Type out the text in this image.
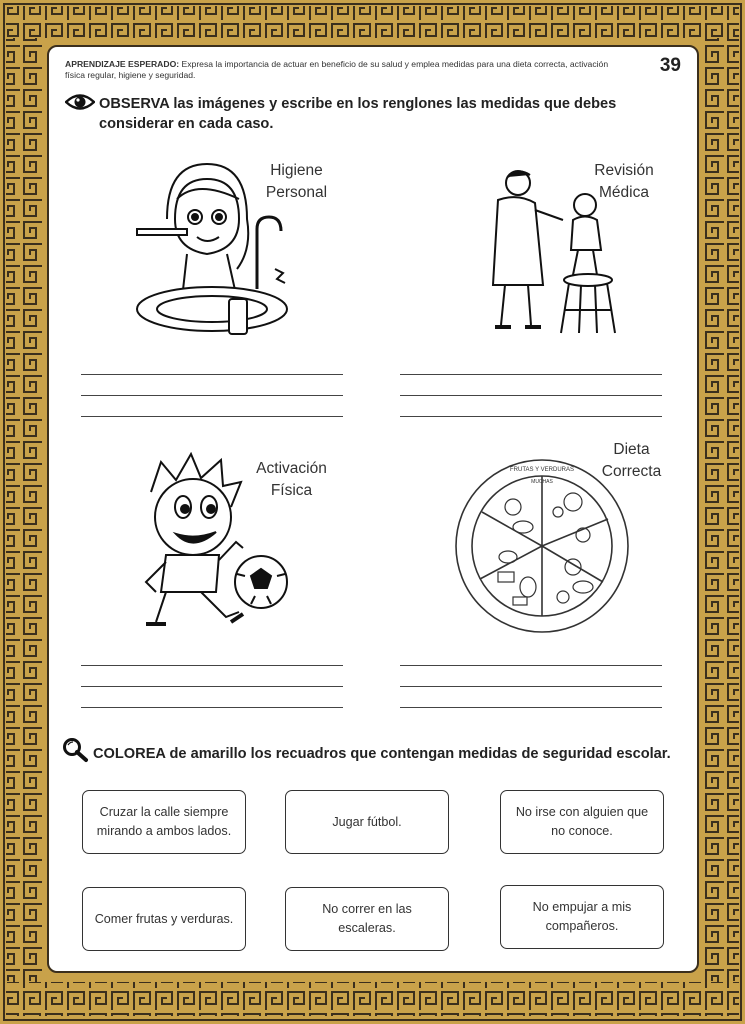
APRENDIZAJE ESPERADO: Expresa la importancia de actuar en beneficio de su salud y emplea medidas para una dieta correcta, activación física regular, higiene y seguridad.	39
OBSERVA las imágenes y escribe en los renglones las medidas que debes considerar en cada caso.
Higiene
Personal
Revisión
Médica
Activación
Física
Dieta
Correcta
FRUTAS Y VERDURAS
MUCHAS
COLOREA de amarillo los recuadros que contengan medidas de seguridad escolar.
Cruzar la calle siempre
mirando a ambos lados.
Jugar fútbol.
No irse con alguien que
no conoce.
Comer frutas y verduras.
No correr en las escaleras.
No empujar a mis
compañeros.
